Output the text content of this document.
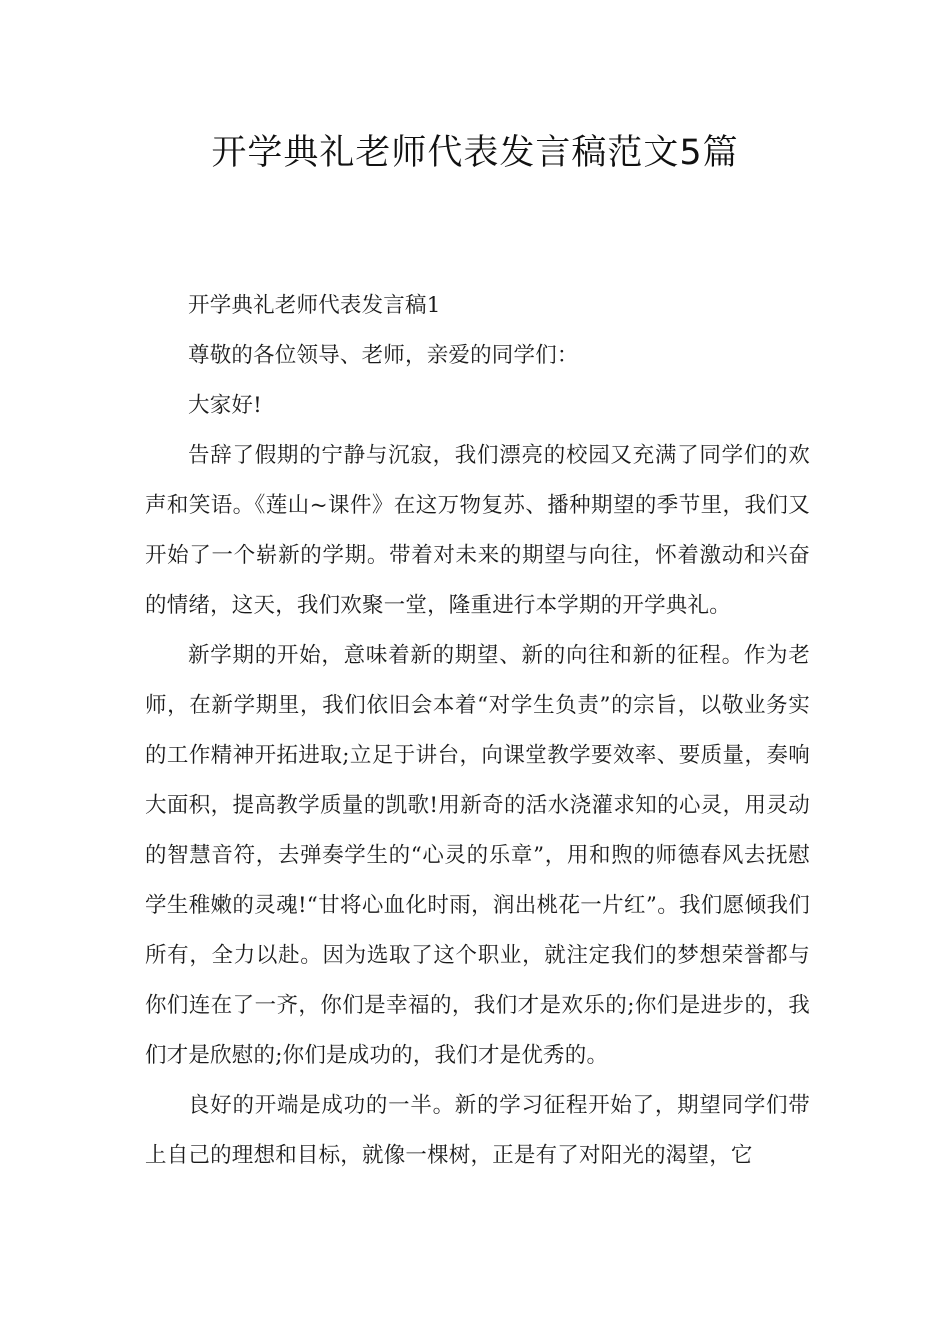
开学典礼老师代表发言稿范文5篇

开学典礼老师代表发言稿1

尊敬的各位领导、老师，亲爱的同学们：

大家好!

告辞了假期的宁静与沉寂，我们漂亮的校园又充满了同学们的欢声和笑语。《莲山~课件》在这万物复苏、播种期望的季节里，我们又开始了一个崭新的学期。带着对未来的期望与向往，怀着激动和兴奋的情绪，这天，我们欢聚一堂，隆重进行本学期的开学典礼。

新学期的开始，意味着新的期望、新的向往和新的征程。作为老师，在新学期里，我们依旧会本着“对学生负责”的宗旨，以敬业务实的工作精神开拓进取;立足于讲台，向课堂教学要效率、要质量，奏响大面积，提高教学质量的凯歌!用新奇的活水浇灌求知的心灵，用灵动的智慧音符，去弹奏学生的“心灵的乐章”，用和煦的师德春风去抚慰学生稚嫩的灵魂!“甘将心血化时雨，润出桃花一片红”。我们愿倾我们所有，全力以赴。因为选取了这个职业，就注定我们的梦想荣誉都与你们连在了一齐，你们是幸福的，我们才是欢乐的;你们是进步的，我们才是欣慰的;你们是成功的，我们才是优秀的。

良好的开端是成功的一半。新的学习征程开始了，期望同学们带上自己的理想和目标，就像一棵树，正是有了对阳光的渴望，它
